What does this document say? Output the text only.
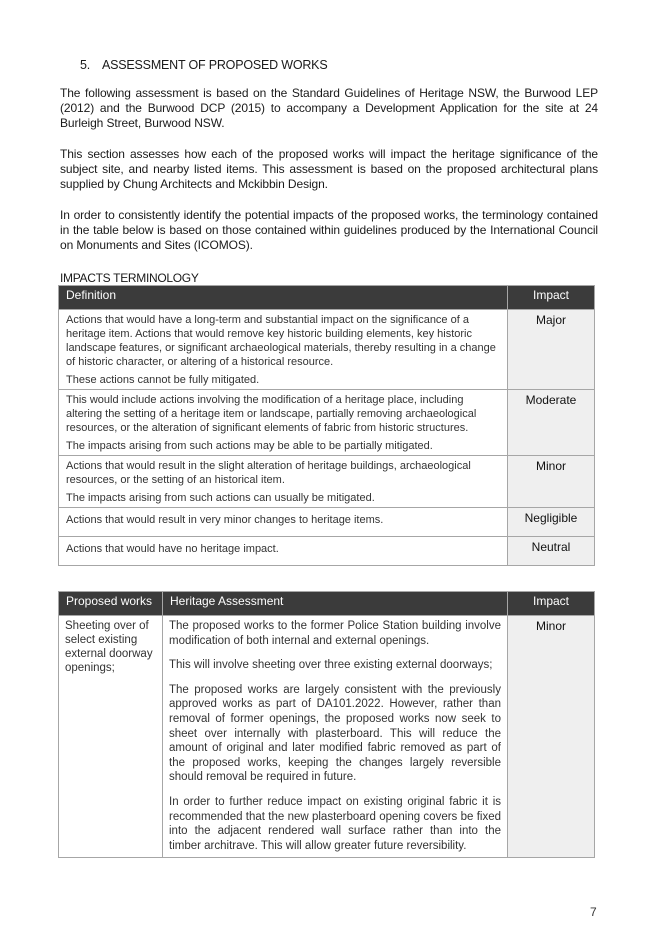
5. ASSESSMENT OF PROPOSED WORKS
The following assessment is based on the Standard Guidelines of Heritage NSW, the Burwood LEP (2012) and the Burwood DCP (2015) to accompany a Development Application for the site at 24 Burleigh Street, Burwood NSW.
This section assesses how each of the proposed works will impact the heritage significance of the subject site, and nearby listed items. This assessment is based on the proposed architectural plans supplied by Chung Architects and Mckibbin Design.
In order to consistently identify the potential impacts of the proposed works, the terminology contained in the table below is based on those contained within guidelines produced by the International Council on Monuments and Sites (ICOMOS).
IMPACTS TERMINOLOGY
Definition	Impact

Actions that would have a long-term and substantial impact on the significance of a heritage item. Actions that would remove key historic building elements, key historic landscape features, or significant archaeological materials, thereby resulting in a change of historic character, or altering of a historical resource.

These actions cannot be fully mitigated.	Major

This would include actions involving the modification of a heritage place, including altering the setting of a heritage item or landscape, partially removing archaeological resources, or the alteration of significant elements of fabric from historic structures.

The impacts arising from such actions may be able to be partially mitigated.	Moderate

Actions that would result in the slight alteration of heritage buildings, archaeological resources, or the setting of an historical item.

The impacts arising from such actions can usually be mitigated.	Minor

Actions that would result in very minor changes to heritage items.	Negligible

Actions that would have no heritage impact.	Neutral
Proposed works	Heritage Assessment	Impact
Sheeting over of select existing external doorway openings;	The proposed works to the former Police Station building involve modification of both internal and external openings.

This will involve sheeting over three existing external doorways;

The proposed works are largely consistent with the previously approved works as part of DA101.2022. However, rather than removal of former openings, the proposed works now seek to sheet over internally with plasterboard. This will reduce the amount of original and later modified fabric removed as part of the proposed works, keeping the changes largely reversible should removal be required in future.

In order to further reduce impact on existing original fabric it is recommended that the new plasterboard opening covers be fixed into the adjacent rendered wall surface rather than into the timber architrave. This will allow greater future reversibility.	Minor
7
